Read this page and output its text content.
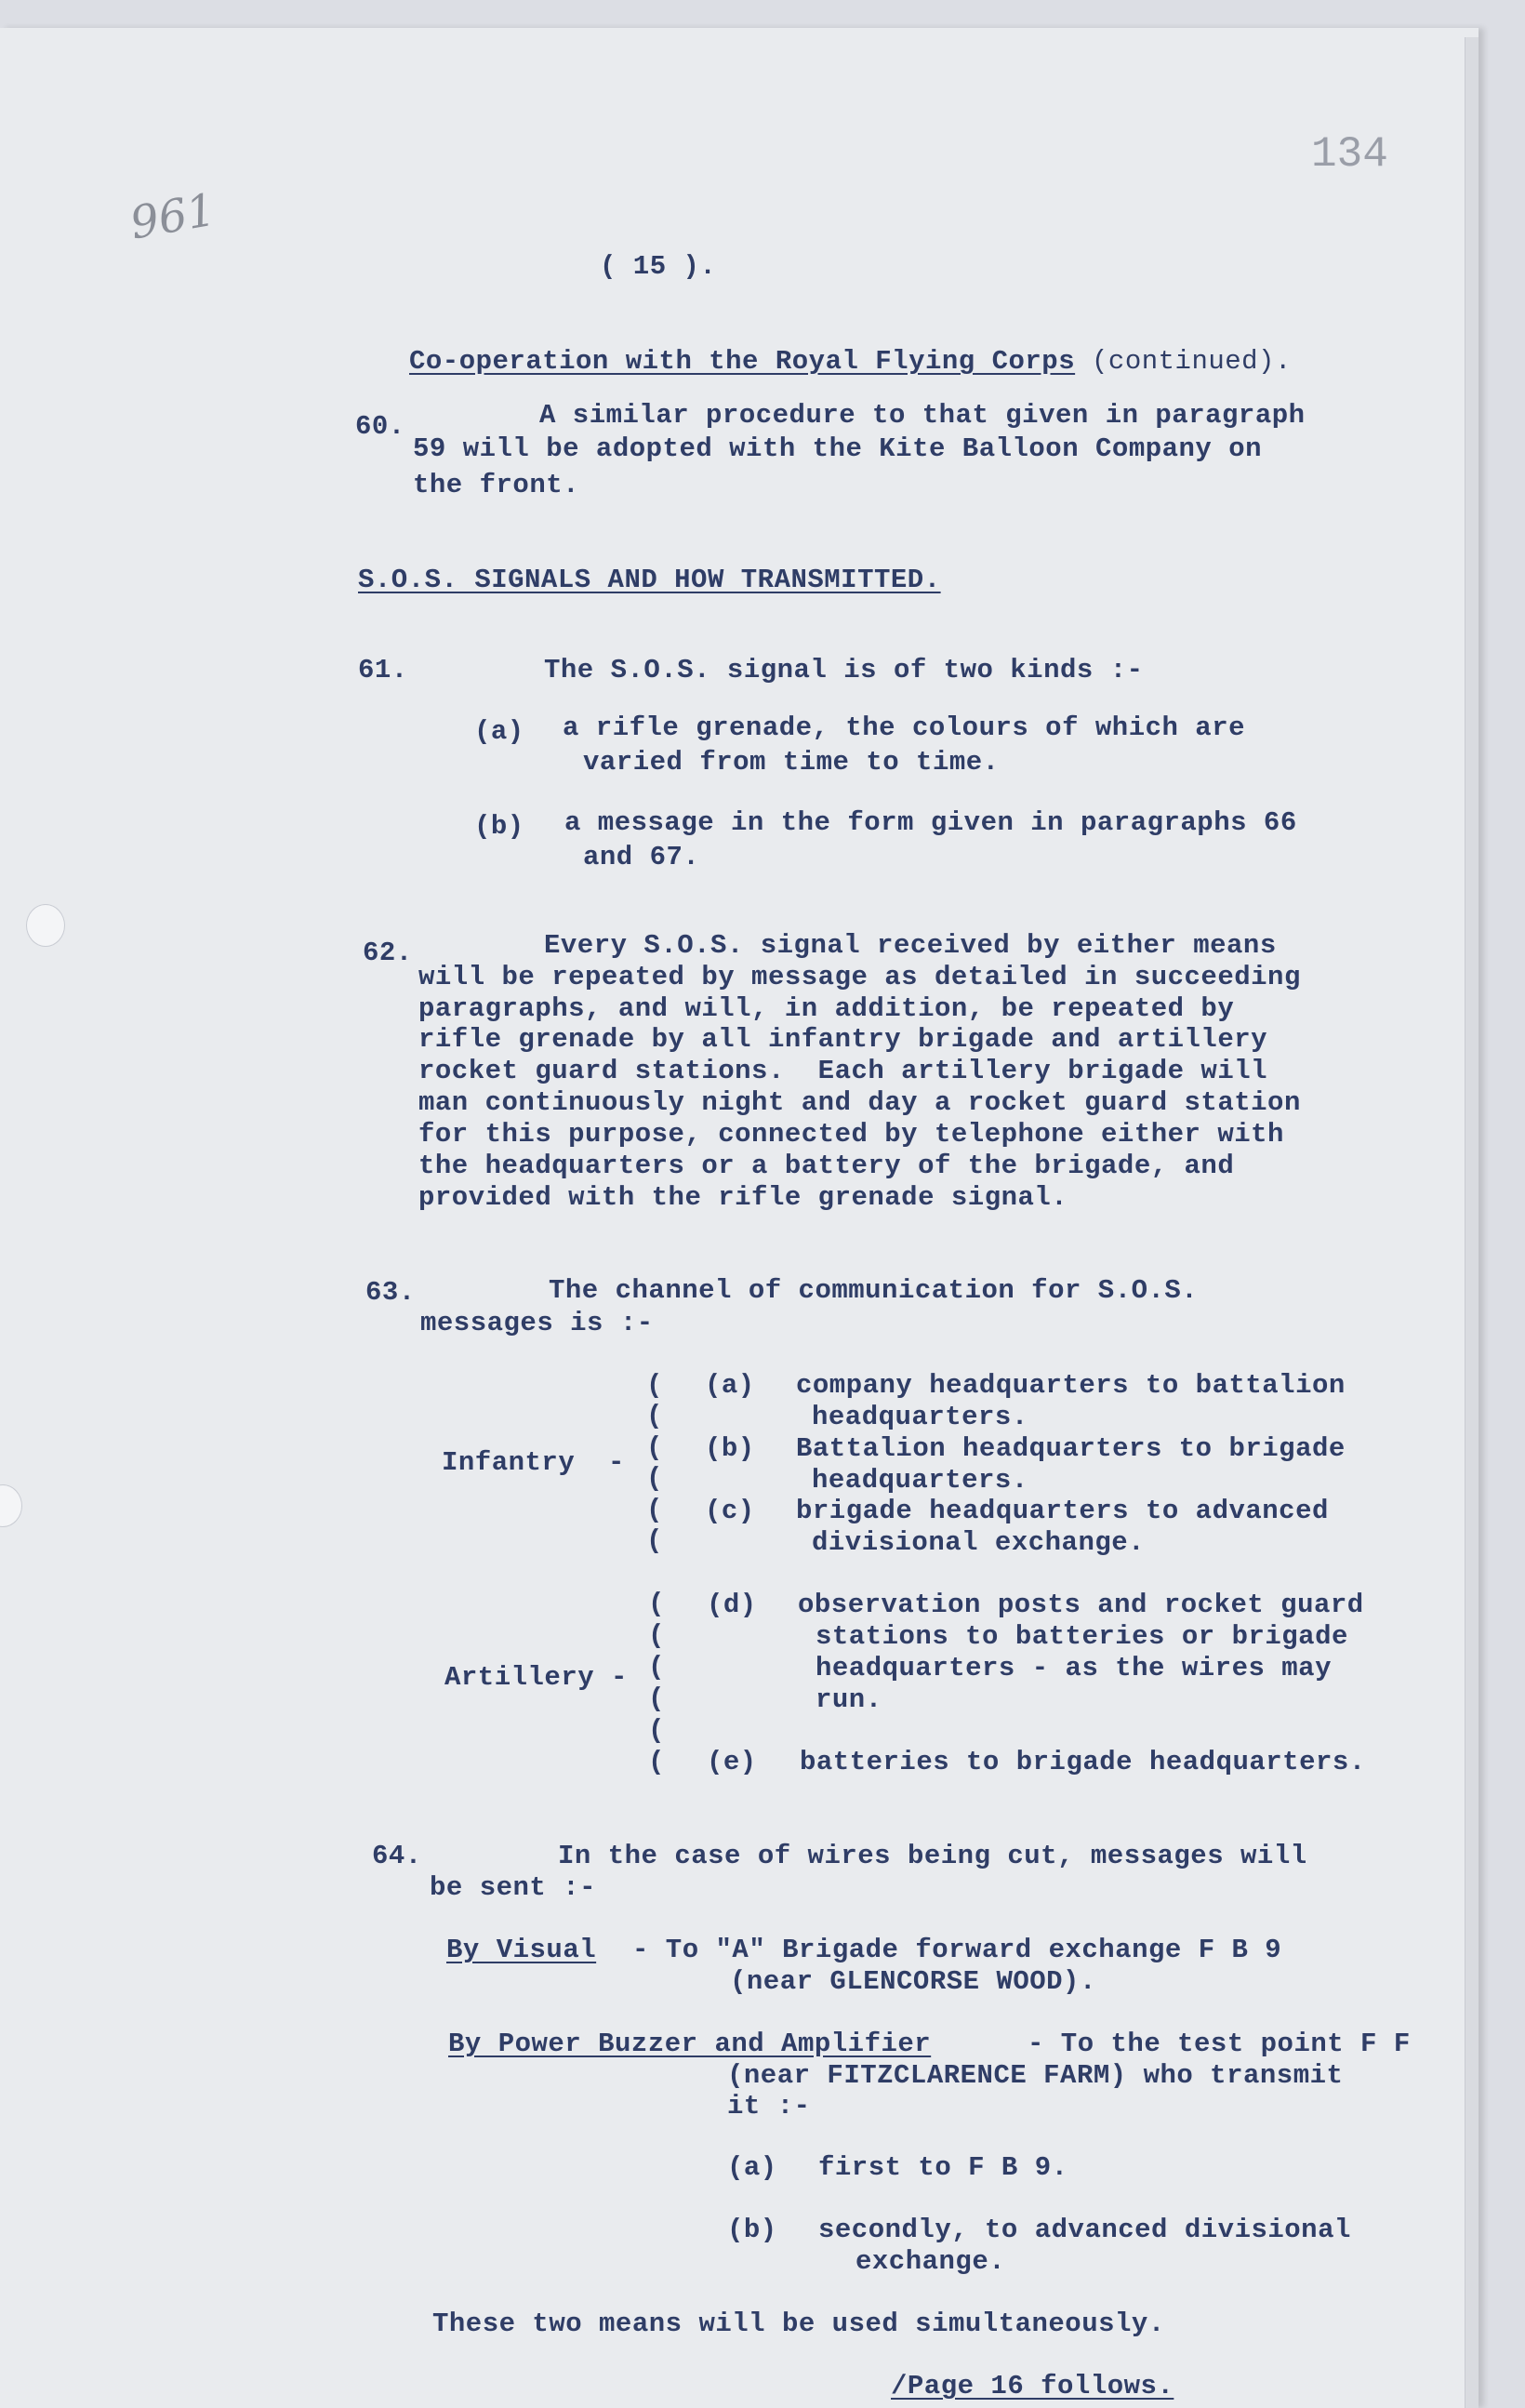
134
961
( 15 ).
Co-operation with the Royal Flying Corps (continued).
60.	A similar procedure to that given in paragraph
59 will be adopted with the Kite Balloon Company on
the front.
S.O.S. SIGNALS AND HOW TRANSMITTED.
61.	The S.O.S. signal is of two kinds :-
(a) a rifle grenade, the colours of which are
varied from time to time.
(b) a message in the form given in paragraphs 66
and 67.
62.	Every S.O.S. signal received by either means
will be repeated by message as detailed in succeeding
paragraphs, and will, in addition, be repeated by
rifle grenade by all infantry brigade and artillery
rocket guard stations.  Each artillery brigade will
man continuously night and day a rocket guard station
for this purpose, connected by telephone either with
the headquarters or a battery of the brigade, and
provided with the rifle grenade signal.
63.	The channel of communication for S.O.S.
messages is :-
(
(
(
(
(
(
Infantry  -
(a) company headquarters to battalion
headquarters.
(b) Battalion headquarters to brigade
headquarters.
(c) brigade headquarters to advanced
divisional exchange.
(
(
(
(
(
(
Artillery -
(d) observation posts and rocket guard
stations to batteries or brigade
headquarters - as the wires may
run.
(e) batteries to brigade headquarters.
64.	In the case of wires being cut, messages will
be sent :-
By Visual - To "A" Brigade forward exchange F B 9
(near GLENCORSE WOOD).
By Power Buzzer and Amplifier	- To the test point F F
(near FITZCLARENCE FARM) who transmit
it :-
(a) first to F B 9.
(b) secondly, to advanced divisional
exchange.
These two means will be used simultaneously.
/Page 16 follows.
